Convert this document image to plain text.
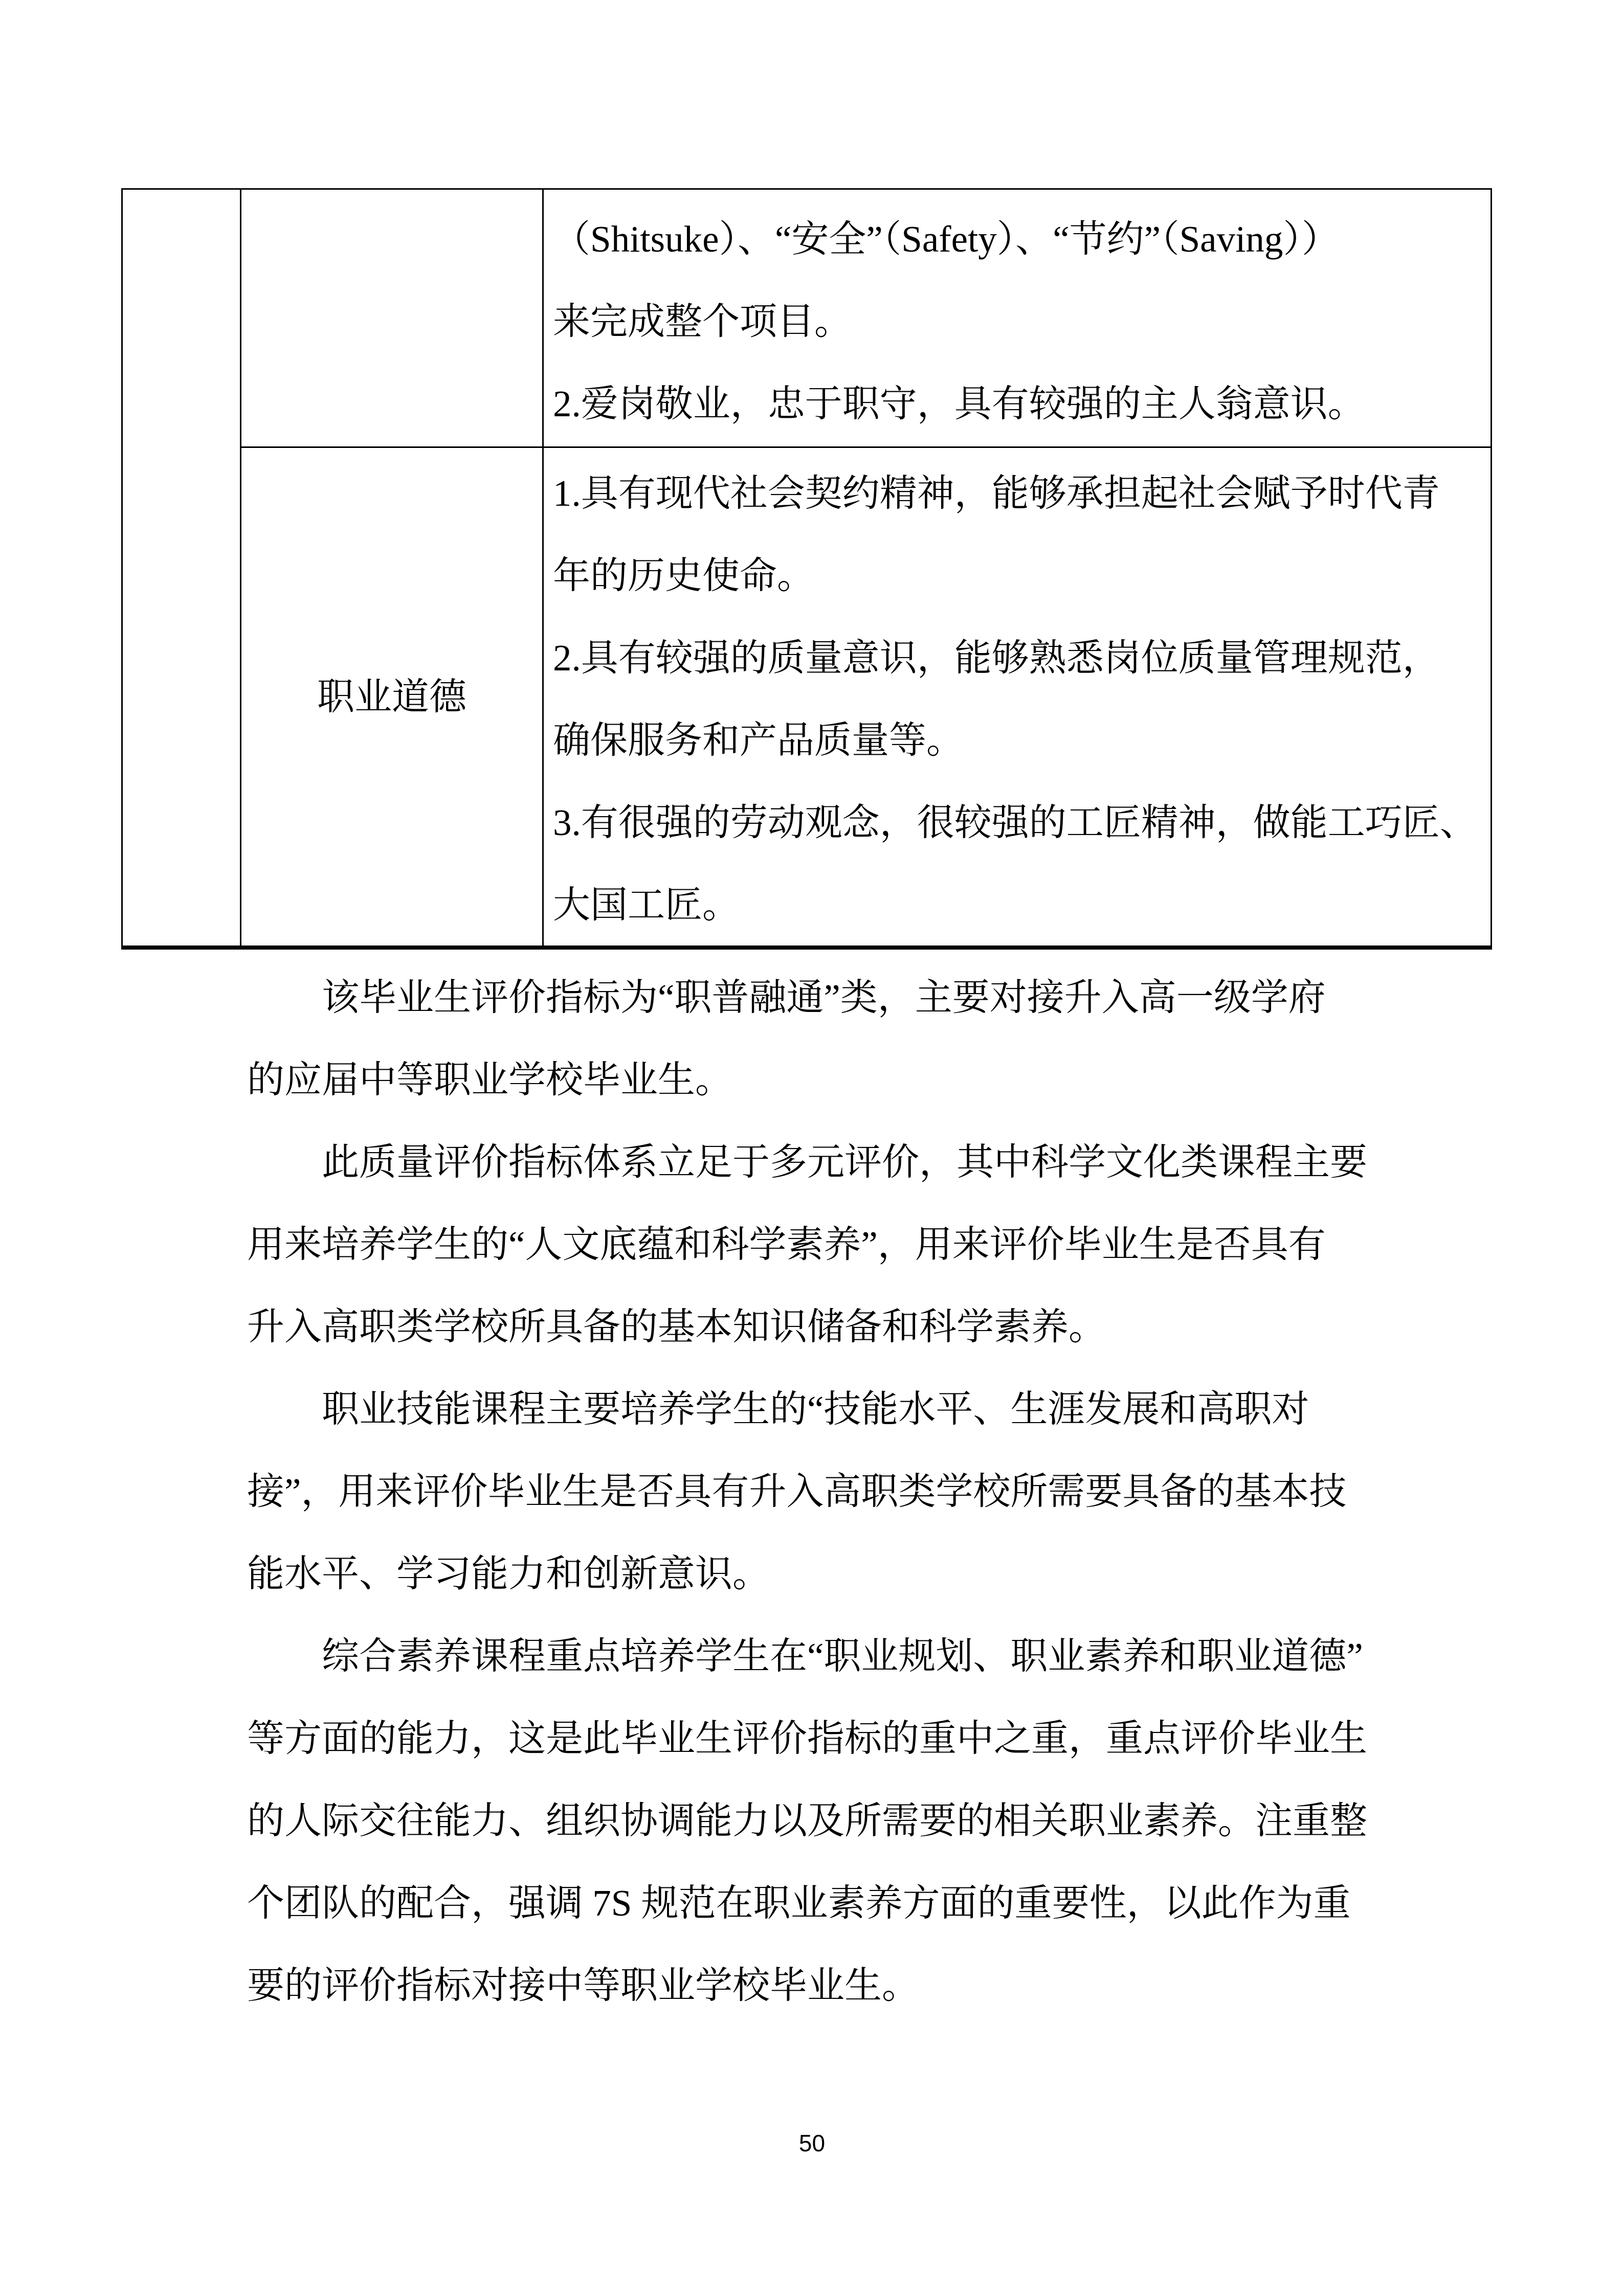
（Shitsuke）、“安全”（Safety）、“节约”（Saving））
来完成整个项目。
2.爱岗敬业，忠于职守，具有较强的主人翁意识。
职业道德
1.具有现代社会契约精神，能够承担起社会赋予时代青
年的历史使命。
2.具有较强的质量意识，能够熟悉岗位质量管理规范，
确保服务和产品质量等。
3.有很强的劳动观念，很较强的工匠精神，做能工巧匠、
大国工匠。
该毕业生评价指标为“职普融通”类，主要对接升入高一级学府
的应届中等职业学校毕业生。
此质量评价指标体系立足于多元评价，其中科学文化类课程主要
用来培养学生的“人文底蕴和科学素养”，用来评价毕业生是否具有
升入高职类学校所具备的基本知识储备和科学素养。
职业技能课程主要培养学生的“技能水平、生涯发展和高职对
接”，用来评价毕业生是否具有升入高职类学校所需要具备的基本技
能水平、学习能力和创新意识。
综合素养课程重点培养学生在“职业规划、职业素养和职业道德”
等方面的能力，这是此毕业生评价指标的重中之重，重点评价毕业生
的人际交往能力、组织协调能力以及所需要的相关职业素养。注重整
个团队的配合，强调 7S 规范在职业素养方面的重要性，以此作为重
要的评价指标对接中等职业学校毕业生。
50
